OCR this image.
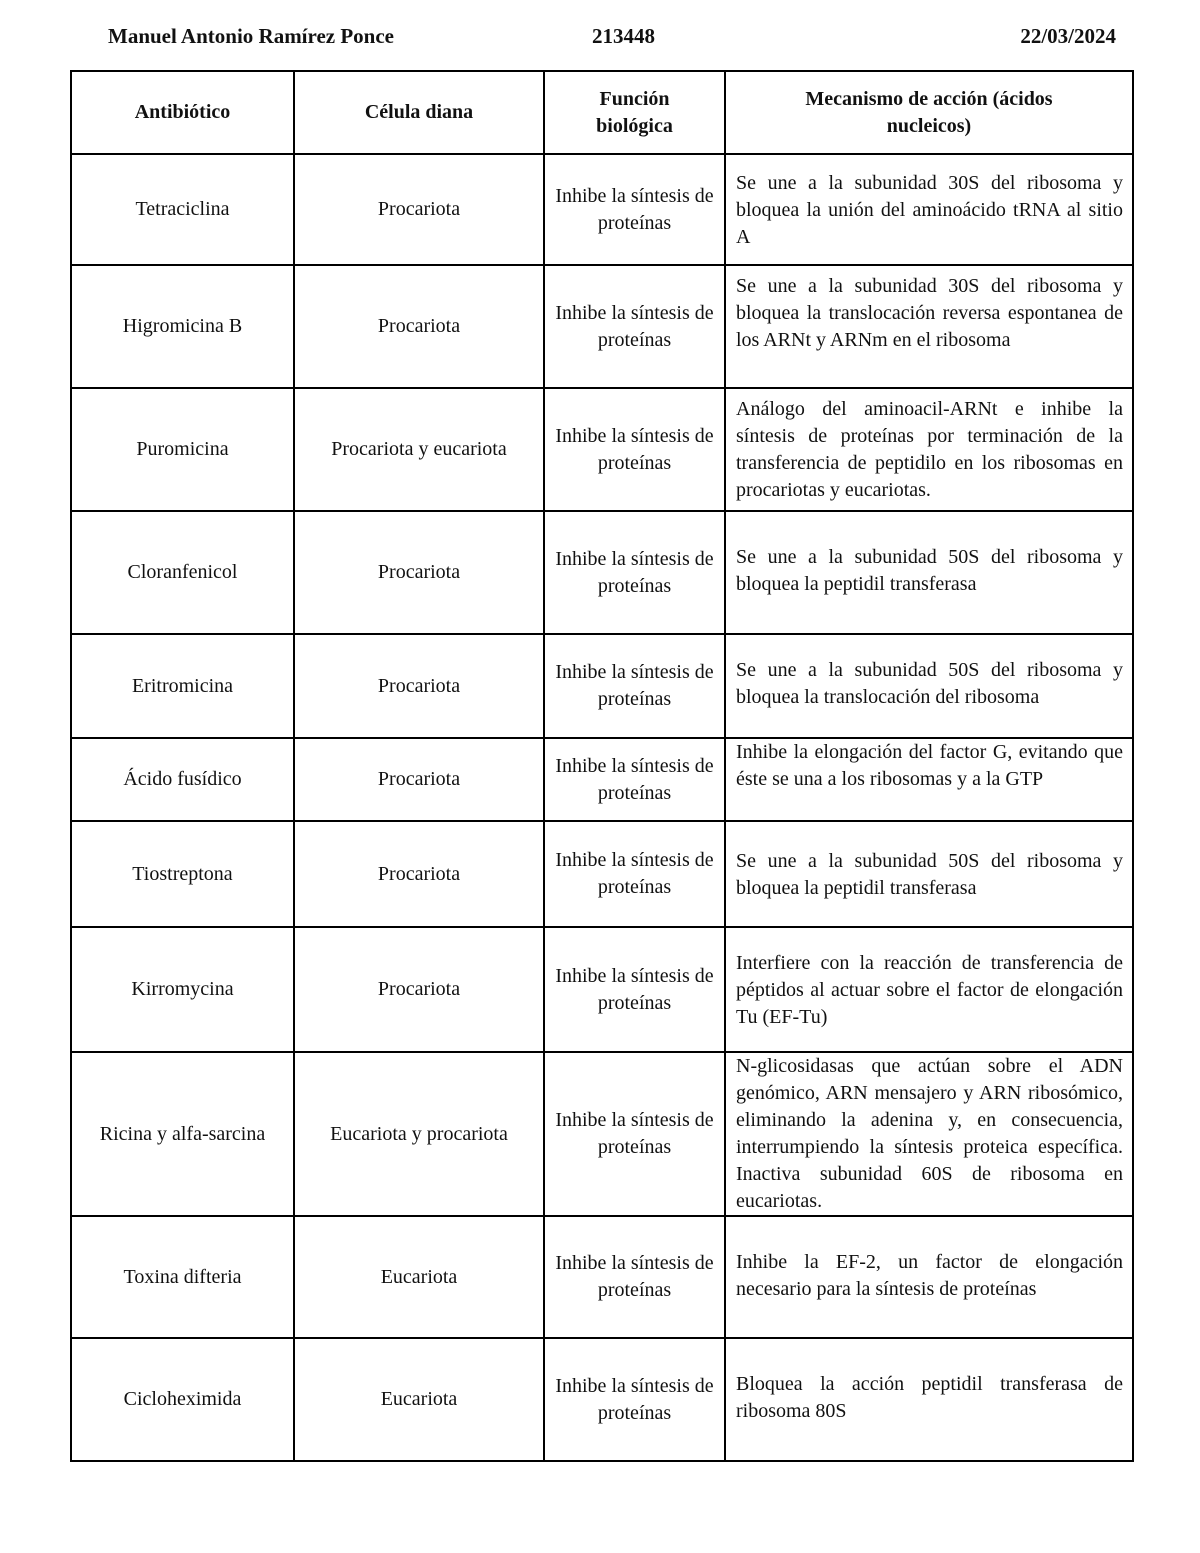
Manuel Antonio Ramírez Ponce	213448	22/03/2024
Antibiótico	Célula diana	Función biológica	Mecanismo de acción (ácidos nucleicos)
Tetraciclina	Procariota	Inhibe la síntesis de proteínas	Se une a la subunidad 30S del ribosoma y bloquea la unión del aminoácido tRNA al sitio A
Higromicina B	Procariota	Inhibe la síntesis de proteínas	Se une a la subunidad 30S del ribosoma y bloquea la translocación reversa espontanea de los ARNt y ARNm en el ribosoma
Puromicina	Procariota y eucariota	Inhibe la síntesis de proteínas	Análogo del aminoacil-ARNt e inhibe la síntesis de proteínas por terminación de la transferencia de peptidilo en los ribosomas en procariotas y eucariotas.
Cloranfenicol	Procariota	Inhibe la síntesis de proteínas	Se une a la subunidad 50S del ribosoma y bloquea la peptidil transferasa
Eritromicina	Procariota	Inhibe la síntesis de proteínas	Se une a la subunidad 50S del ribosoma y bloquea la translocación del ribosoma
Ácido fusídico	Procariota	Inhibe la síntesis de proteínas	Inhibe la elongación del factor G, evitando que éste se una a los ribosomas y a la GTP
Tiostreptona	Procariota	Inhibe la síntesis de proteínas	Se une a la subunidad 50S del ribosoma y bloquea la peptidil transferasa
Kirromycina	Procariota	Inhibe la síntesis de proteínas	Interfiere con la reacción de transferencia de péptidos al actuar sobre el factor de elongación Tu (EF-Tu)
Ricina y alfa-sarcina	Eucariota y procariota	Inhibe la síntesis de proteínas	N-glicosidasas que actúan sobre el ADN genómico, ARN mensajero y ARN ribosómico, eliminando la adenina y, en consecuencia, interrumpiendo la síntesis proteica específica. Inactiva subunidad 60S de ribosoma en eucariotas.
Toxina difteria	Eucariota	Inhibe la síntesis de proteínas	Inhibe la EF-2, un factor de elongación necesario para la síntesis de proteínas
Cicloheximida	Eucariota	Inhibe la síntesis de proteínas	Bloquea la acción peptidil transferasa de ribosoma 80S
